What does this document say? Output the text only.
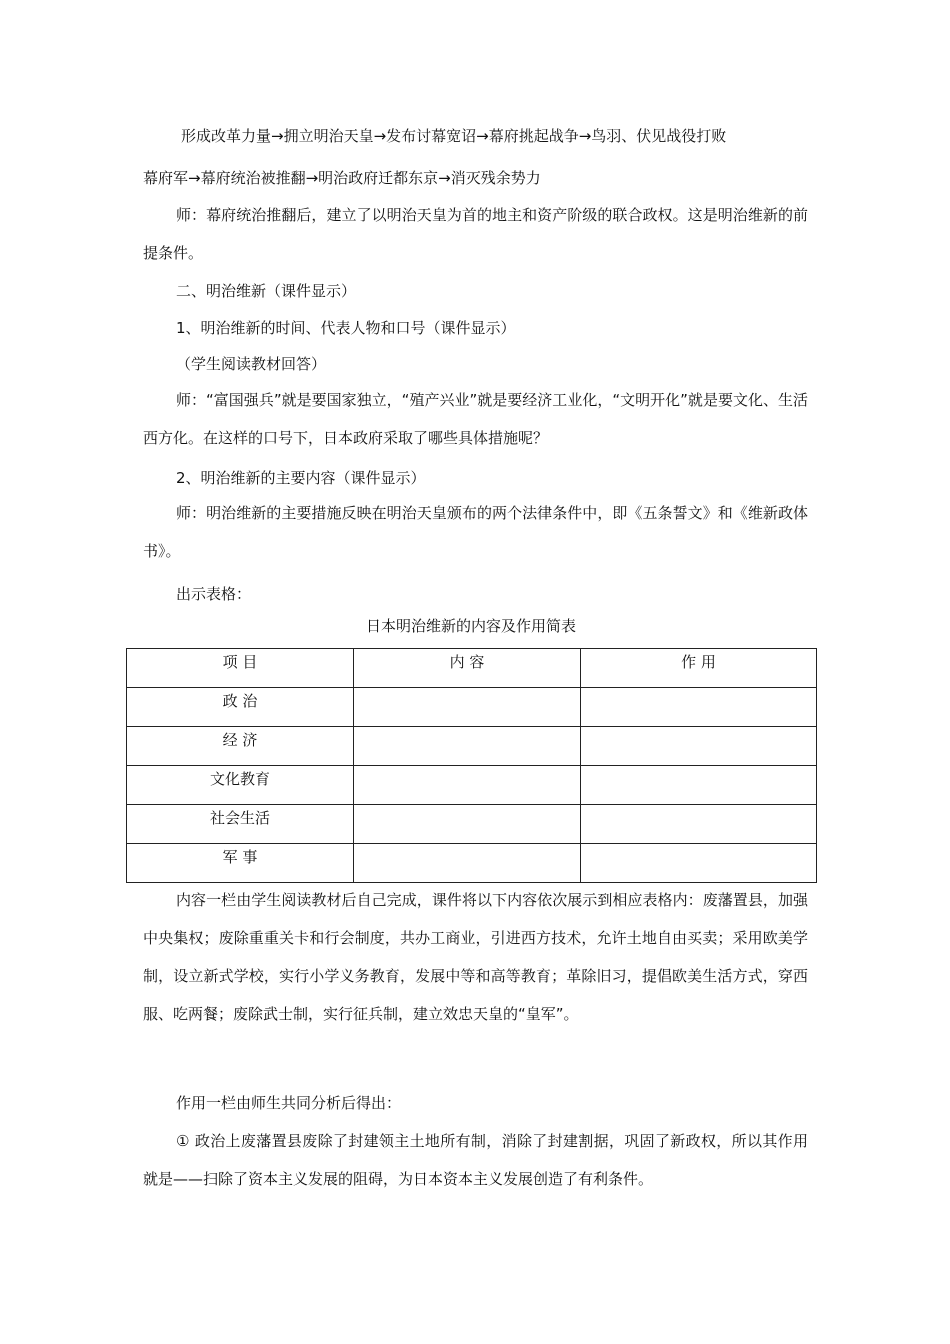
形成改革力量→拥立明治天皇→发布讨幕宽诏→幕府挑起战争→鸟羽、伏见战役打败
幕府军→幕府统治被推翻→明治政府迁都东京→消灭残余势力
师：幕府统治推翻后，建立了以明治天皇为首的地主和资产阶级的联合政权。这是明治维新的前提条件。
二、明治维新（课件显示）
1、明治维新的时间、代表人物和口号（课件显示）
（学生阅读教材回答）
师：“富国强兵”就是要国家独立，“殖产兴业”就是要经济工业化，“文明开化”就是要文化、生活西方化。在这样的口号下，日本政府采取了哪些具体措施呢？
2、明治维新的主要内容（课件显示）
师：明治维新的主要措施反映在明治天皇颁布的两个法律条件中，即《五条誓文》和《维新政体书》。
出示表格：
日本明治维新的内容及作用简表
项 目	内 容	作 用
政 治		
经 济		
文化教育		
社会生活		
军 事		
内容一栏由学生阅读教材后自己完成，课件将以下内容依次展示到相应表格内：废藩置县，加强中央集权；废除重重关卡和行会制度，共办工商业，引进西方技术，允许土地自由买卖；采用欧美学制，设立新式学校，实行小学义务教育，发展中等和高等教育；革除旧习，提倡欧美生活方式，穿西服、吃两餐；废除武士制，实行征兵制，建立效忠天皇的“皇军”。
作用一栏由师生共同分析后得出：
① 政治上废藩置县废除了封建领主土地所有制，消除了封建割据，巩固了新政权，所以其作用就是——扫除了资本主义发展的阻碍，为日本资本主义发展创造了有利条件。
